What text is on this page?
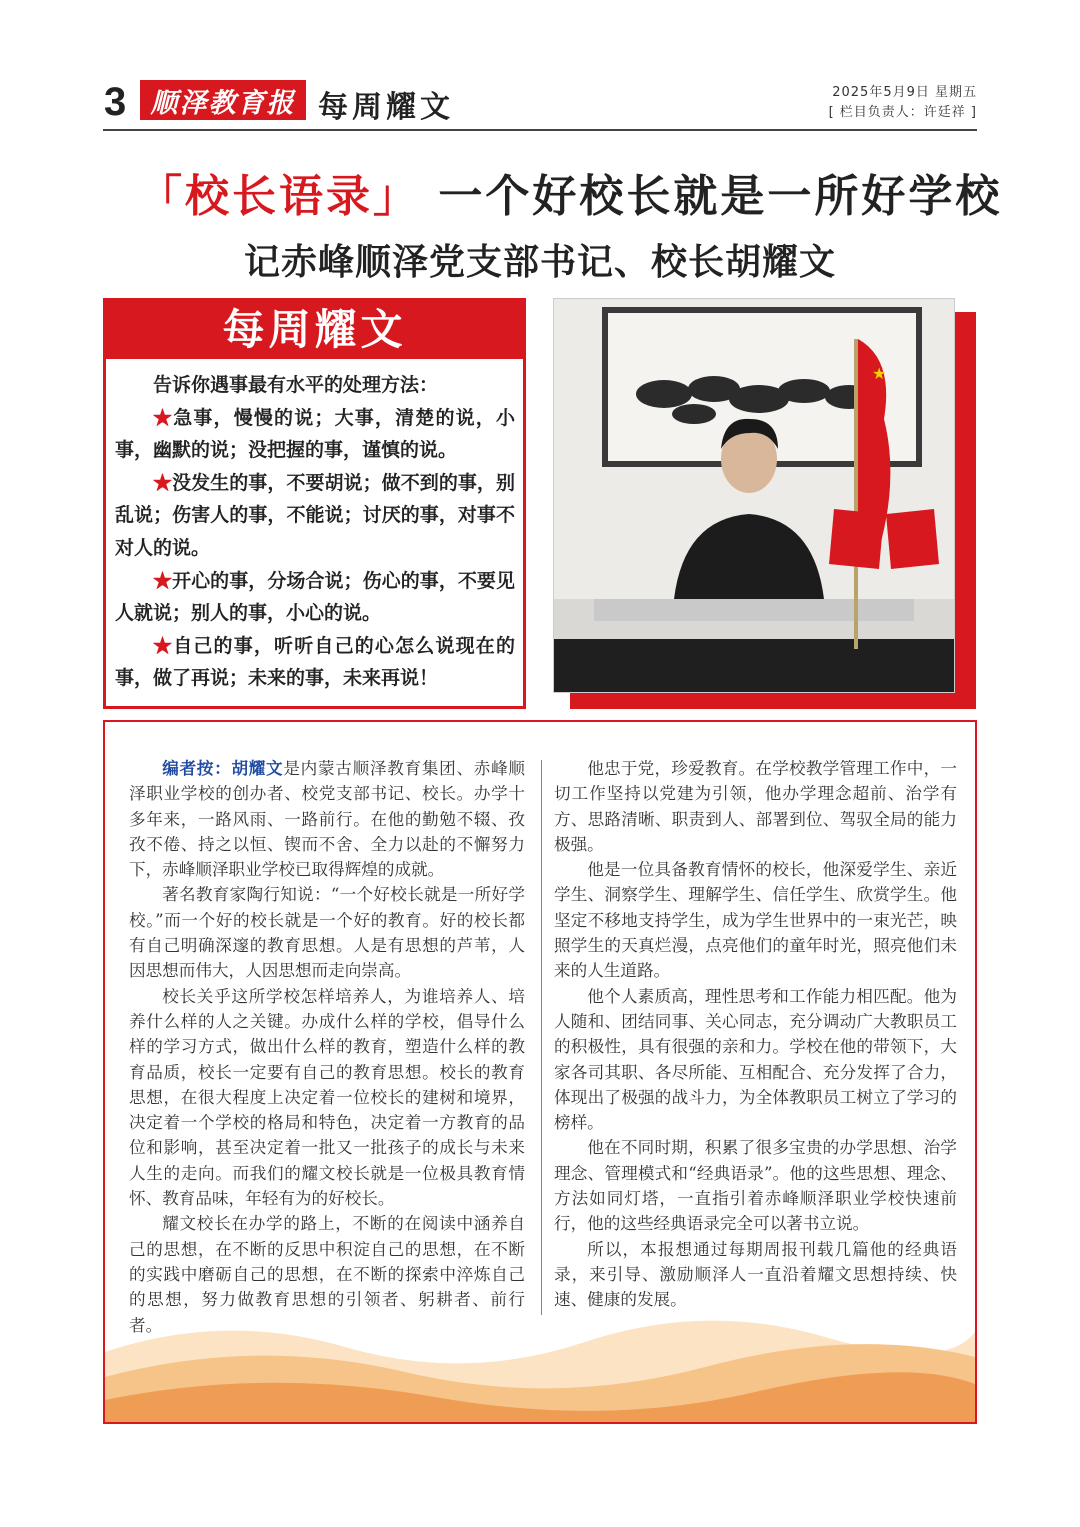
3 顺泽教育报 每周耀文	2025年5月9日 星期五
[ 栏目负责人：许廷祥 ]
「校长语录」 一个好校长就是一所好学校
记赤峰顺泽党支部书记、校长胡耀文
每周耀文

告诉你遇事最有水平的处理方法：

★急事，慢慢的说；大事，清楚的说，小事，幽默的说；没把握的事，谨慎的说。

★没发生的事，不要胡说；做不到的事，别乱说；伤害人的事，不能说；讨厌的事，对事不对人的说。

★开心的事，分场合说；伤心的事，不要见人就说；别人的事，小心的说。

★自己的事，听听自己的心怎么说现在的事，做了再说；未来的事，未来再说！

★

编者按：胡耀文是内蒙古顺泽教育集团、赤峰顺泽职业学校的创办者、校党支部书记、校长。办学十多年来，一路风雨、一路前行。在他的勤勉不辍、孜孜不倦、持之以恒、锲而不舍、全力以赴的不懈努力下，赤峰顺泽职业学校已取得辉煌的成就。

著名教育家陶行知说：“一个好校长就是一所好学校。”而一个好的校长就是一个好的教育。好的校长都有自己明确深邃的教育思想。人是有思想的芦苇，人因思想而伟大，人因思想而走向崇高。

校长关乎这所学校怎样培养人，为谁培养人、培养什么样的人之关键。办成什么样的学校，倡导什么样的学习方式，做出什么样的教育，塑造什么样的教育品质，校长一定要有自己的教育思想。校长的教育思想，在很大程度上决定着一位校长的建树和境界，决定着一个学校的格局和特色，决定着一方教育的品位和影响，甚至决定着一批又一批孩子的成长与未来人生的走向。而我们的耀文校长就是一位极具教育情怀、教育品味，年轻有为的好校长。

耀文校长在办学的路上，不断的在阅读中涵养自己的思想，在不断的反思中积淀自己的思想，在不断的实践中磨砺自己的思想，在不断的探索中淬炼自己的思想，努力做教育思想的引领者、躬耕者、前行者。

他忠于党，珍爱教育。在学校教学管理工作中，一切工作坚持以党建为引领，他办学理念超前、治学有方、思路清晰、职责到人、部署到位、驾驭全局的能力极强。

他是一位具备教育情怀的校长，他深爱学生、亲近学生、洞察学生、理解学生、信任学生、欣赏学生。他坚定不移地支持学生，成为学生世界中的一束光芒，映照学生的天真烂漫，点亮他们的童年时光，照亮他们未来的人生道路。

他个人素质高，理性思考和工作能力相匹配。他为人随和、团结同事、关心同志，充分调动广大教职员工的积极性，具有很强的亲和力。学校在他的带领下，大家各司其职、各尽所能、互相配合、充分发挥了合力，体现出了极强的战斗力，为全体教职员工树立了学习的榜样。

他在不同时期，积累了很多宝贵的办学思想、治学理念、管理模式和“经典语录”。他的这些思想、理念、方法如同灯塔，一直指引着赤峰顺泽职业学校快速前行，他的这些经典语录完全可以著书立说。

所以，本报想通过每期周报刊载几篇他的经典语录，来引导、激励顺泽人一直沿着耀文思想持续、快速、健康的发展。
